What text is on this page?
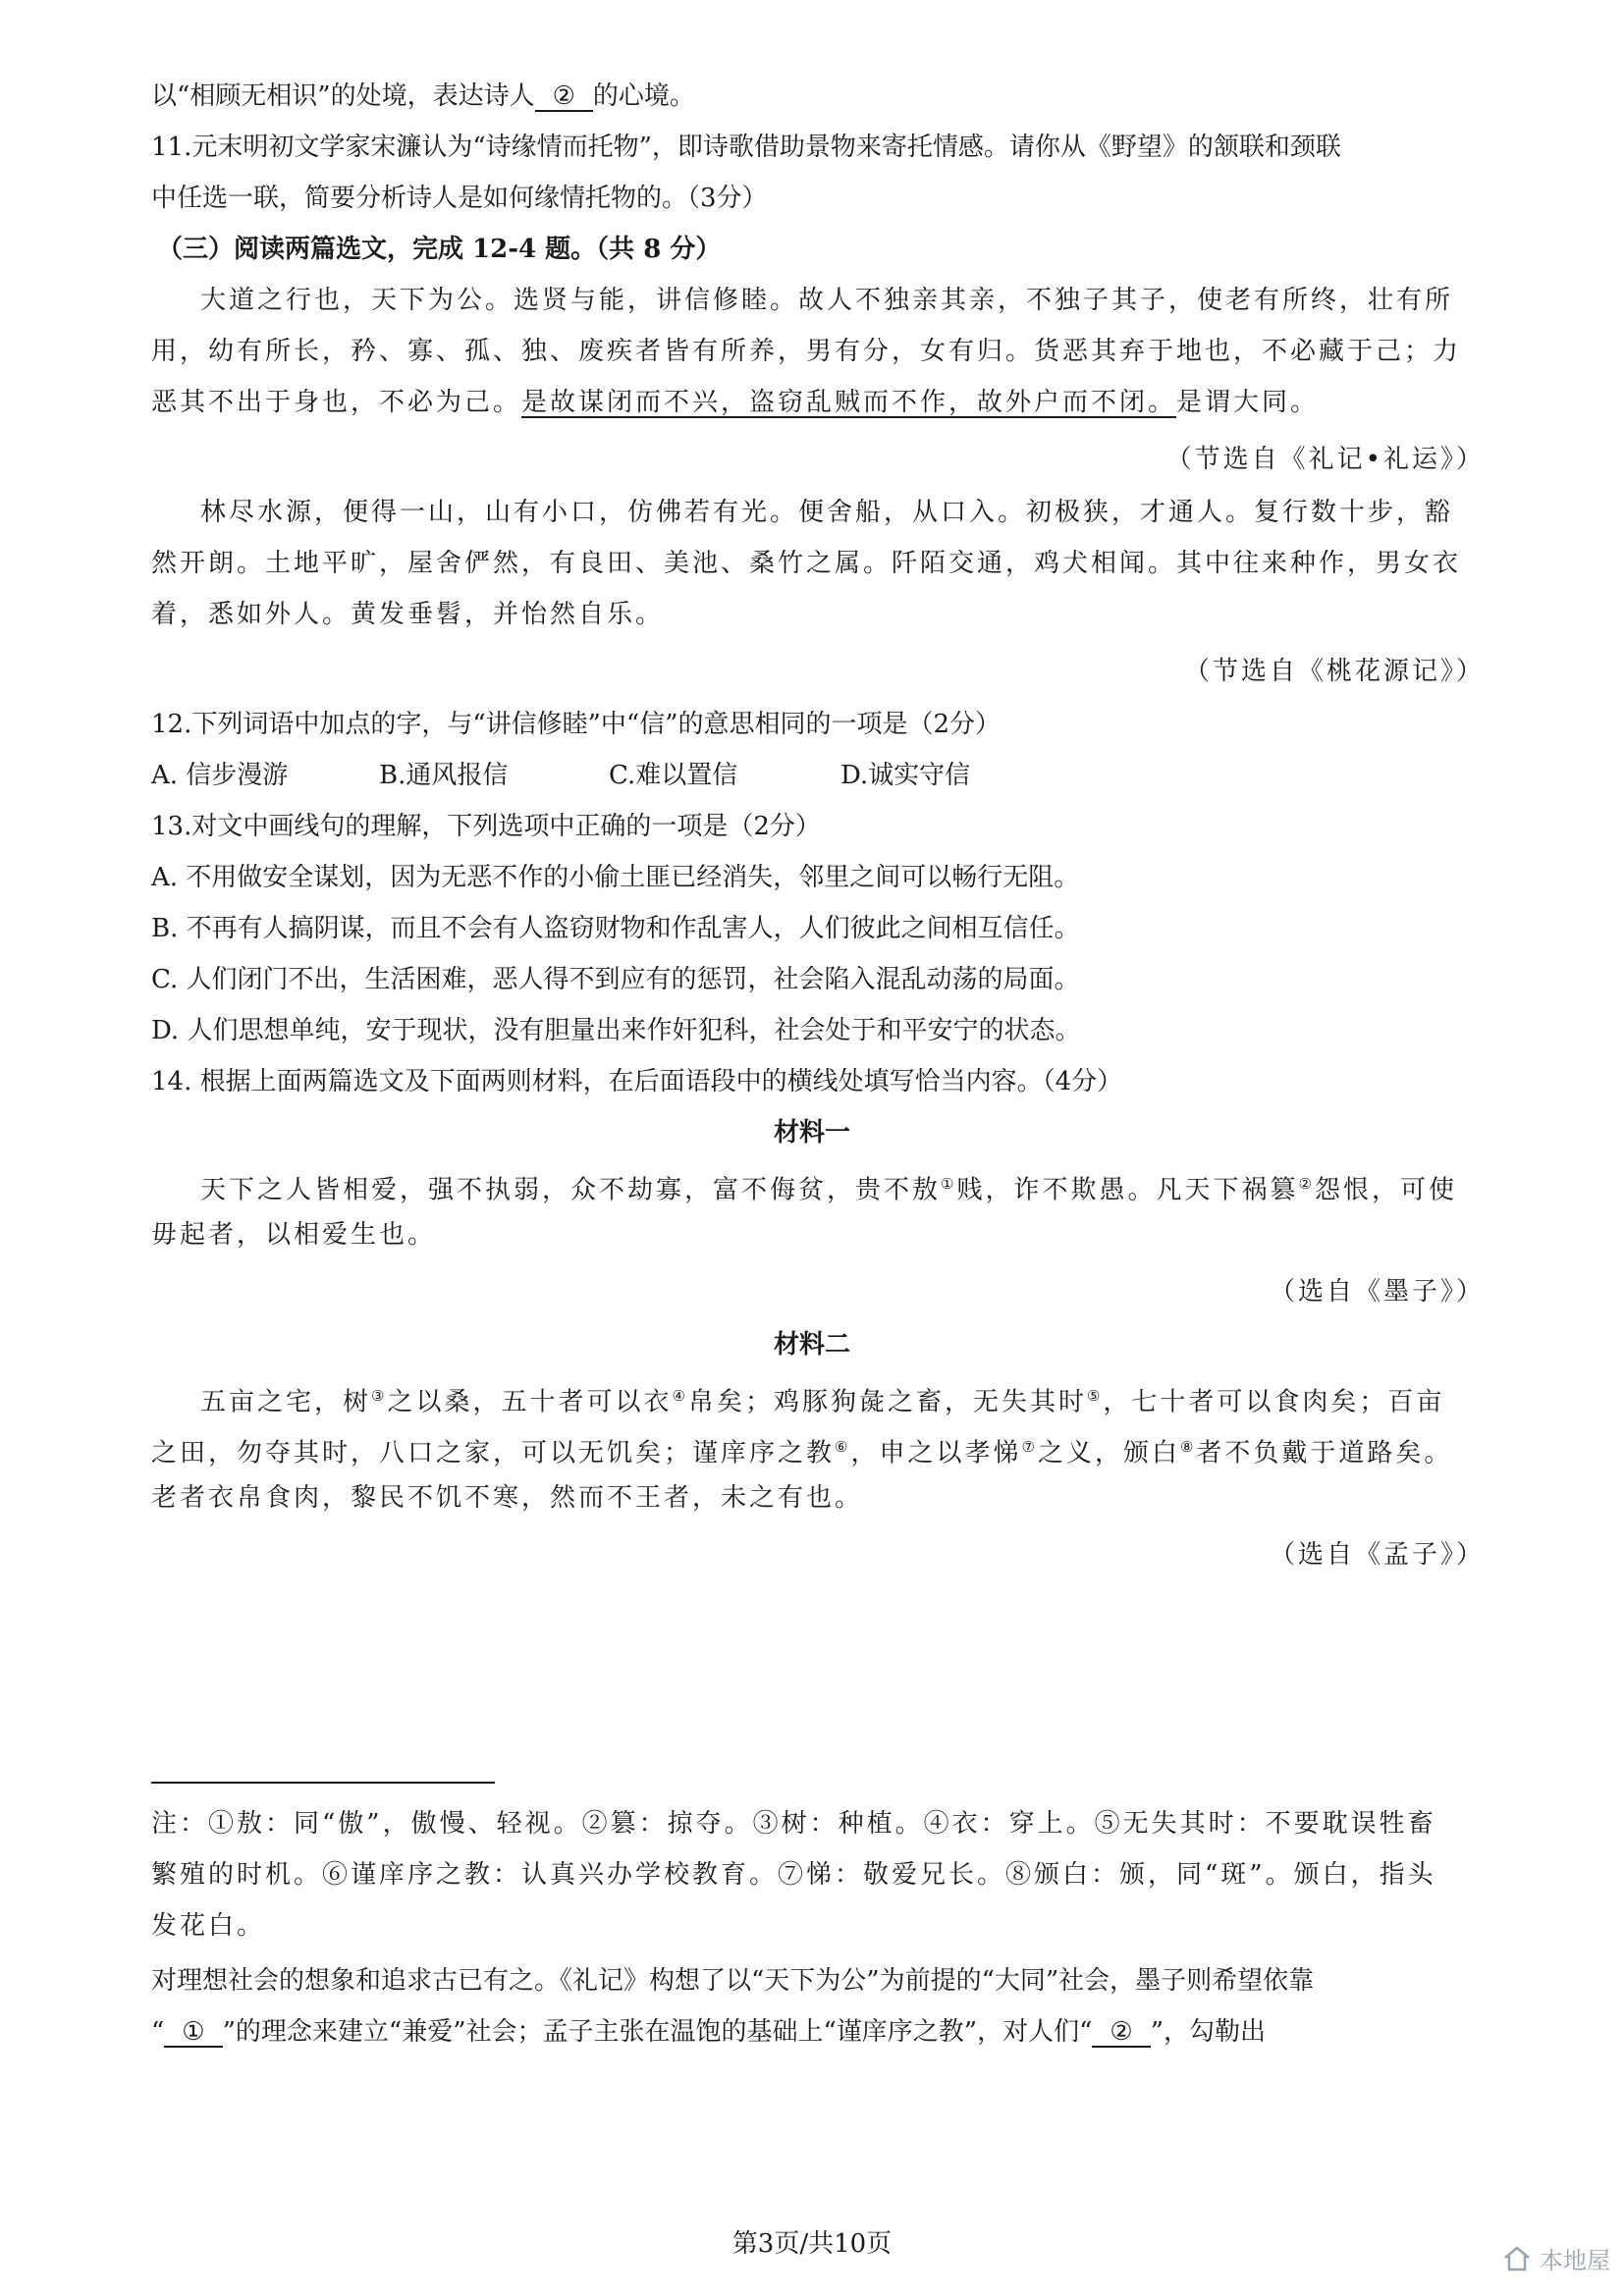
以“相顾无相识”的处境，表达诗人 ② 的心境。
11.元末明初文学家宋濂认为“诗缘情而托物”，即诗歌借助景物来寄托情感。请你从《野望》的颔联和颈联
中任选一联，简要分析诗人是如何缘情托物的。（3分）
（三）阅读两篇选文，完成 12-4 题。（共 8 分）
大道之行也，天下为公。选贤与能，讲信修睦。故人不独亲其亲，不独子其子，使老有所终，壮有所
用，幼有所长，矜、寡、孤、独、废疾者皆有所养，男有分，女有归。货恶其弃于地也，不必藏于己；力
恶其不出于身也，不必为己。是故谋闭而不兴，盗窃乱贼而不作，故外户而不闭。是谓大同。
（节选自《礼记•礼运》）
林尽水源，便得一山，山有小口，仿佛若有光。便舍船，从口入。初极狭，才通人。复行数十步，豁
然开朗。土地平旷，屋舍俨然，有良田、美池、桑竹之属。阡陌交通，鸡犬相闻。其中往来种作，男女衣
着，悉如外人。黄发垂髫，并怡然自乐。
（节选自《桃花源记》）
12.下列词语中加点的字，与“讲信修睦”中“信”的意思相同的一项是（2分）
A. 信步漫游	B.通风报信	C.难以置信	D.诚实守信
13.对文中画线句的理解，下列选项中正确的一项是（2分）
A. 不用做安全谋划，因为无恶不作的小偷土匪已经消失，邻里之间可以畅行无阻。
B. 不再有人搞阴谋，而且不会有人盗窃财物和作乱害人，人们彼此之间相互信任。
C. 人们闭门不出，生活困难，恶人得不到应有的惩罚，社会陷入混乱动荡的局面。
D. 人们思想单纯，安于现状，没有胆量出来作奸犯科，社会处于和平安宁的状态。
14. 根据上面两篇选文及下面两则材料，在后面语段中的横线处填写恰当内容。（4分）
材料一
天下之人皆相爱，强不执弱，众不劫寡，富不侮贫，贵不敖①贱，诈不欺愚。凡天下祸篡②怨恨，可使
毋起者，以相爱生也。
（选自《墨子》）
材料二
五亩之宅，树③之以桑，五十者可以衣④帛矣；鸡豚狗彘之畜，无失其时⑤，七十者可以食肉矣；百亩
之田，勿夺其时，八口之家，可以无饥矣；谨庠序之教⑥，申之以孝悌⑦之义，颁白⑧者不负戴于道路矣。
老者衣帛食肉，黎民不饥不寒，然而不王者，未之有也。
（选自《孟子》）
注：①敖：同“傲”，傲慢、轻视。②篡：掠夺。③树：种植。④衣：穿上。⑤无失其时：不要耽误牲畜
繁殖的时机。⑥谨庠序之教：认真兴办学校教育。⑦悌：敬爱兄长。⑧颁白：颁，同“斑”。颁白，指头
发花白。
对理想社会的想象和追求古已有之。《礼记》构想了以“天下为公”为前提的“大同”社会，墨子则希望依靠
“ ① ”的理念来建立“兼爱”社会；孟子主张在温饱的基础上“谨庠序之教”，对人们“ ② ”，勾勒出
第3页/共10页
本地屋
